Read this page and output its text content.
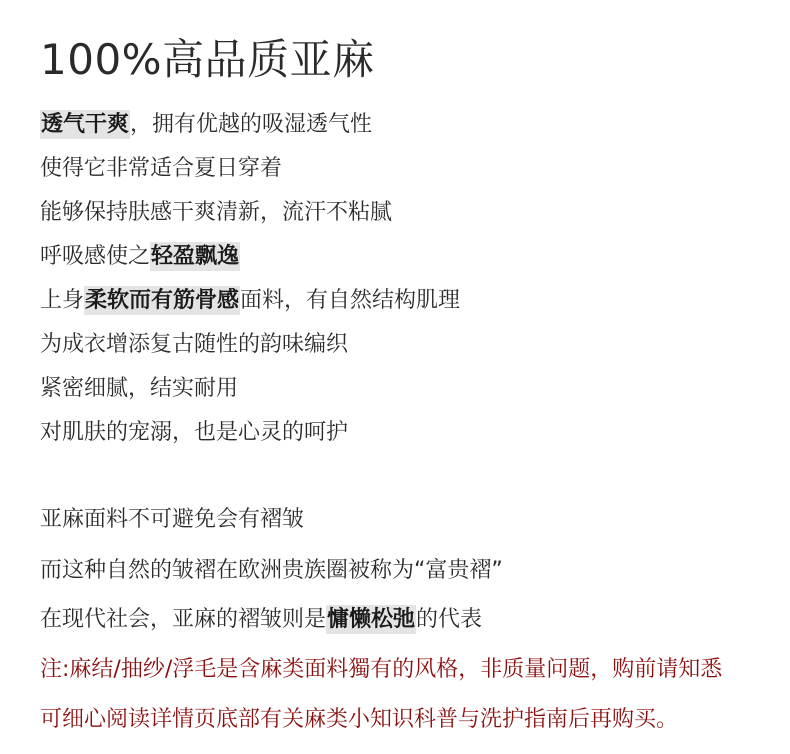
100%高品质亚麻
透气干爽，拥有优越的吸湿透气性
使得它非常适合夏日穿着
能够保持肤感干爽清新，流汗不粘腻
呼吸感使之轻盈飘逸
上身柔软而有筋骨感面料，有自然结构肌理
为成衣增添复古随性的韵味编织
紧密细腻，结实耐用
对肌肤的宠溺，也是心灵的呵护
亚麻面料不可避免会有褶皱
而这种自然的皱褶在欧洲贵族圈被称为“富贵褶”
在现代社会，亚麻的褶皱则是慵懒松弛的代表
注:麻结/抽纱/浮毛是含麻类面料獨有的风格，非质量问题，购前请知悉
可细心阅读详情页底部有关麻类小知识科普与洗护指南后再购买。
